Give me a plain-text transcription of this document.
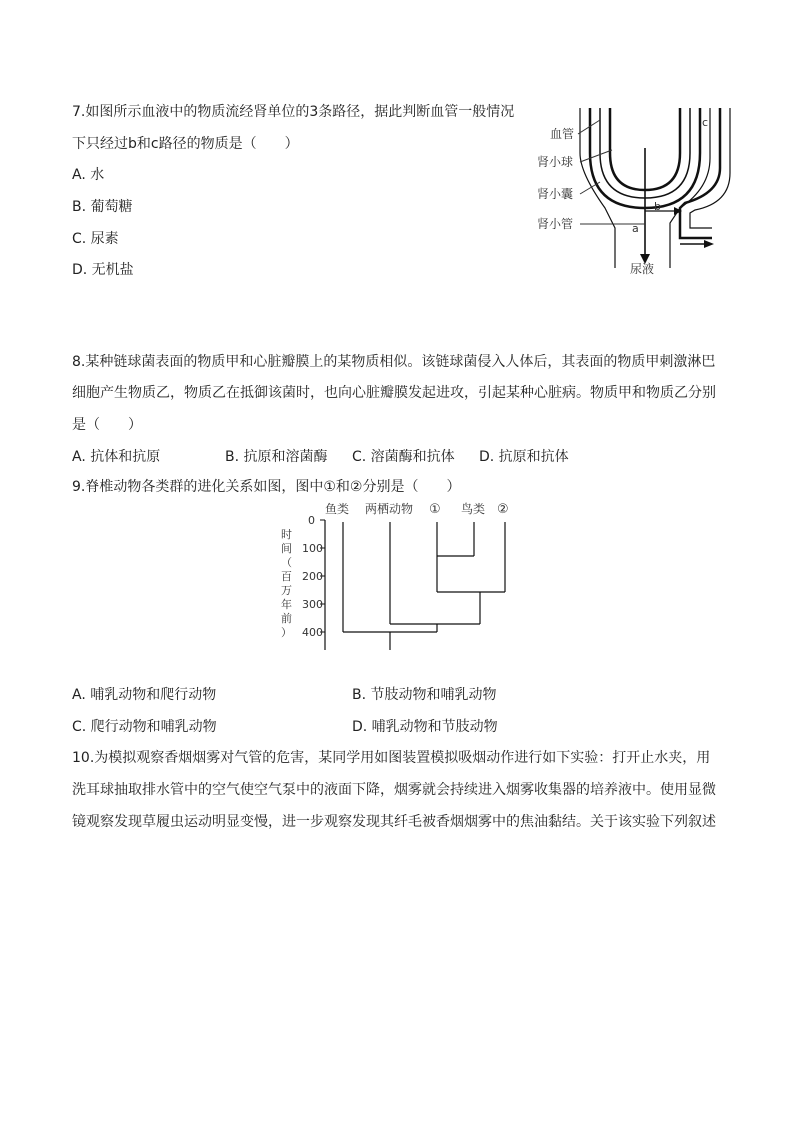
7.如图所示血液中的物质流经肾单位的3条路径，据此判断血管一般情况
下只经过b和c路径的物质是（　　）
A. 水
B. 葡萄糖
C. 尿素
D. 无机盐
血管
肾小球
肾小囊
肾小管	a
b
c
尿液
8.某种链球菌表面的物质甲和心脏瓣膜上的某物质相似。该链球菌侵入人体后，其表面的物质甲刺激淋巴
细胞产生物质乙，物质乙在抵御该菌时，也向心脏瓣膜发起进攻，引起某种心脏病。物质甲和物质乙分别
是（　　）
A. 抗体和抗原	B. 抗原和溶菌酶 C. 溶菌酶和抗体 D. 抗原和抗体
9.脊椎动物各类群的进化关系如图，图中①和②分别是（　　）
0
100
200
300
400
时
间
（
百
万
年
前
）
鱼类 两栖动物 ① 鸟类 ②
A. 哺乳动物和爬行动物	B. 节肢动物和哺乳动物
C. 爬行动物和哺乳动物	D. 哺乳动物和节肢动物
10.为模拟观察香烟烟雾对气管的危害，某同学用如图装置模拟吸烟动作进行如下实验：打开止水夹，用
洗耳球抽取排水管中的空气使空气泵中的液面下降，烟雾就会持续进入烟雾收集器的培养液中。使用显微
镜观察发现草履虫运动明显变慢，进一步观察发现其纤毛被香烟烟雾中的焦油黏结。关于该实验下列叙述
